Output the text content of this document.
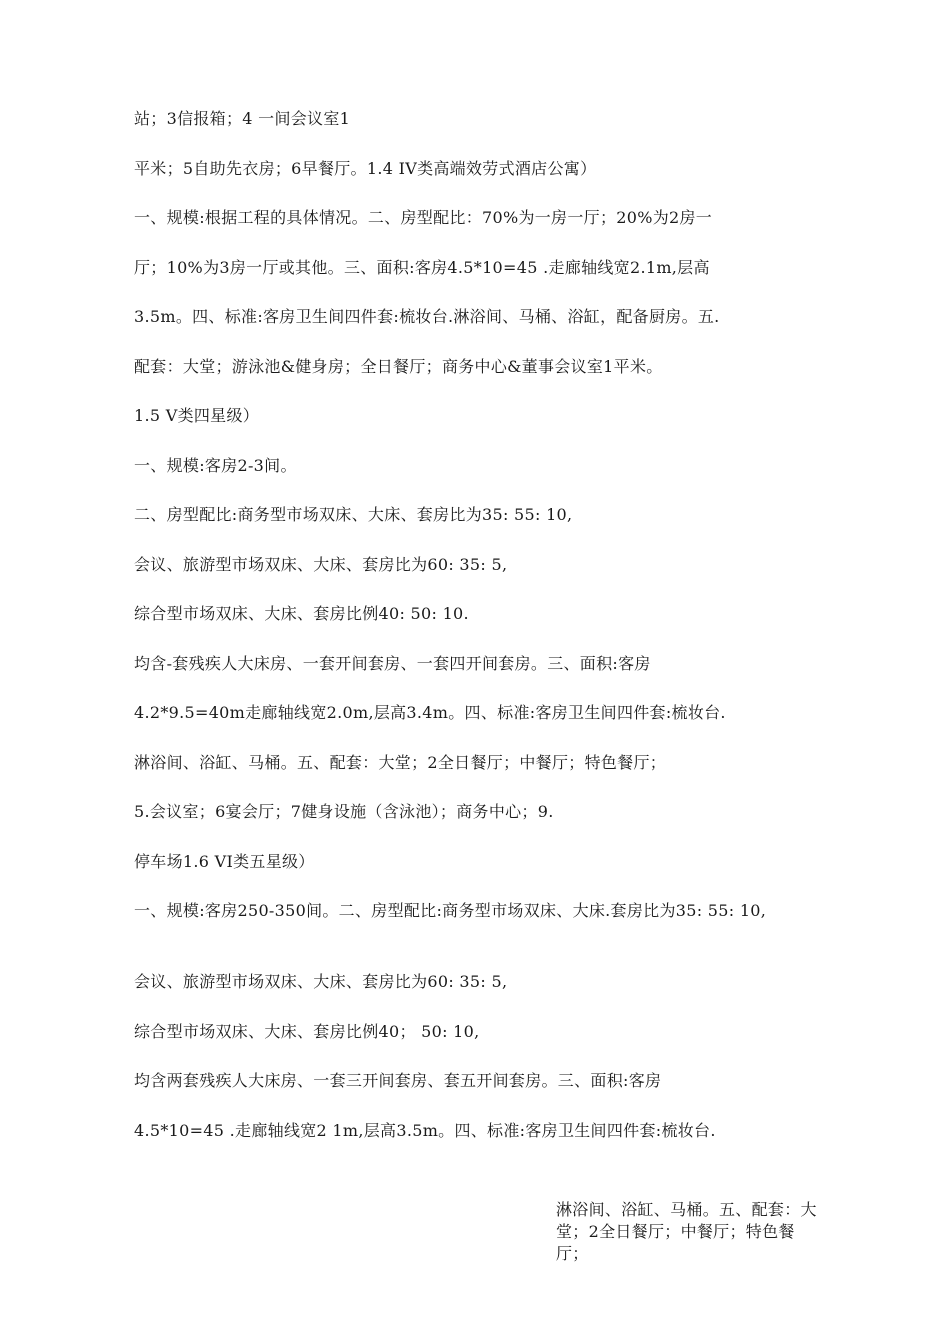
站；3信报箱；4 一间会议室1
平米；5自助先衣房；6早餐厅。1.4 IV类高端效劳式酒店公寓）
一、规模:根据工程的具体情况。二、房型配比：70%为一房一厅；20%为2房一
厅；10%为3房一厅或其他。三、面积:客房4.5*10=45 .走廊轴线宽2.1m,层高
3.5m。四、标准:客房卫生间四件套:梳妆台.淋浴间、马桶、浴缸，配备厨房。五.
配套：大堂；游泳池&健身房；全日餐厅；商务中心&董事会议室1平米。
1.5 V类四星级）
一、规模:客房2-3间。
二、房型配比:商务型市场双床、大床、套房比为35: 55: 10,
会议、旅游型市场双床、大床、套房比为60: 35: 5,
综合型市场双床、大床、套房比例40: 50: 10.
均含-套残疾人大床房、一套开间套房、一套四开间套房。三、面积:客房
4.2*9.5=40m走廊轴线宽2.0m,层高3.4m。四、标准:客房卫生间四件套:梳妆台.
淋浴间、浴缸、马桶。五、配套：大堂；2全日餐厅；中餐厅；特色餐厅；
5.会议室；6宴会厅；7健身设施（含泳池）；商务中心；9.
停车场1.6 VI类五星级）
一、规模:客房250-350间。二、房型配比:商务型市场双床、大床.套房比为35: 55: 10,
会议、旅游型市场双床、大床、套房比为60: 35: 5,
综合型市场双床、大床、套房比例40； 50: 10,
均含两套残疾人大床房、一套三开间套房、套五开间套房。三、面积:客房
4.5*10=45 .走廊轴线宽2 1m,层高3.5m。四、标准:客房卫生间四件套:梳妆台.
淋浴间、浴缸、马桶。五、配套：大堂；2全日餐厅；中餐厅；特色餐厅；
